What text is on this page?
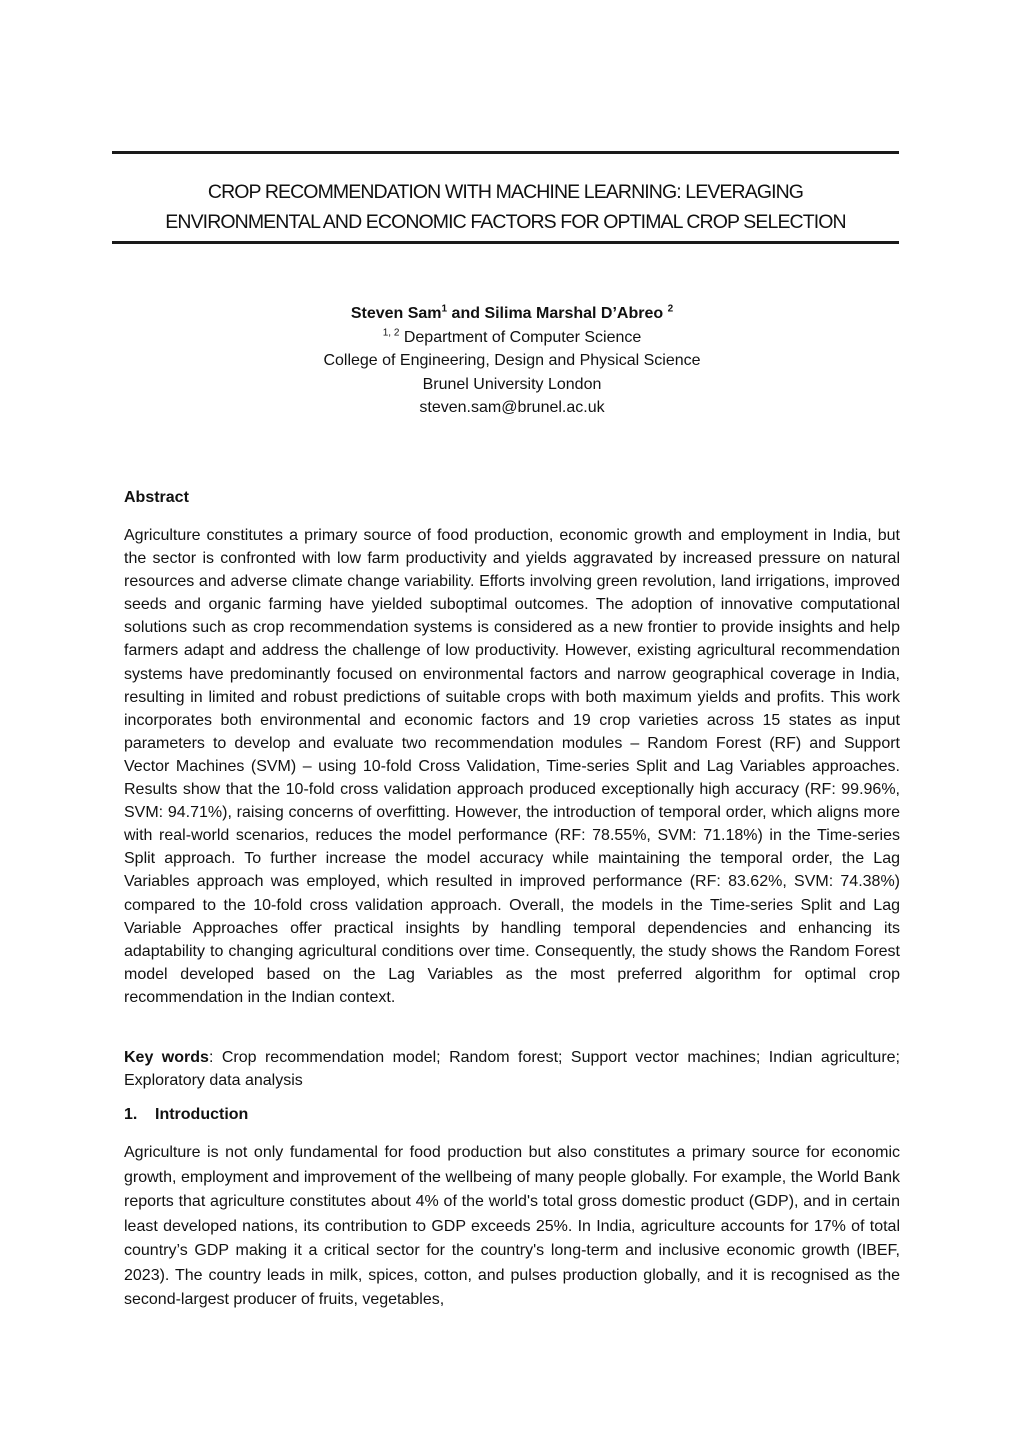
CROP RECOMMENDATION WITH MACHINE LEARNING: LEVERAGING
ENVIRONMENTAL AND ECONOMIC FACTORS FOR OPTIMAL CROP SELECTION
Steven Sam$^1$ and Silima Marshal D’Abreo $^2$
$^{1, 2}$ Department of Computer Science
College of Engineering, Design and Physical Science
Brunel University London
steven.sam@brunel.ac.uk
Abstract

Agriculture constitutes a primary source of food production, economic growth and employment in India, but the sector is confronted with low farm productivity and yields aggravated by increased pressure on natural resources and adverse climate change variability. Efforts involving green revolution, land irrigations, improved seeds and organic farming have yielded suboptimal outcomes. The adoption of innovative computational solutions such as crop recommendation systems is considered as a new frontier to provide insights and help farmers adapt and address the challenge of low productivity. However, existing agricultural recommendation systems have predominantly focused on environmental factors and narrow geographical coverage in India, resulting in limited and robust predictions of suitable crops with both maximum yields and profits. This work incorporates both environmental and economic factors and 19 crop varieties across 15 states as input parameters to develop and evaluate two recommendation modules – Random Forest (RF) and Support Vector Machines (SVM) – using 10-fold Cross Validation, Time-series Split and Lag Variables approaches. Results show that the 10-fold cross validation approach produced exceptionally high accuracy (RF: 99.96%, SVM: 94.71%), raising concerns of overfitting. However, the introduction of temporal order, which aligns more with real-world scenarios, reduces the model performance (RF: 78.55%, SVM: 71.18%) in the Time-series Split approach. To further increase the model accuracy while maintaining the temporal order, the Lag Variables approach was employed, which resulted in improved performance (RF: 83.62%, SVM: 74.38%) compared to the 10-fold cross validation approach. Overall, the models in the Time-series Split and Lag Variable Approaches offer practical insights by handling temporal dependencies and enhancing its adaptability to changing agricultural conditions over time. Consequently, the study shows the Random Forest model developed based on the Lag Variables as the most preferred algorithm for optimal crop recommendation in the Indian context.

Key words: Crop recommendation model; Random forest; Support vector machines; Indian agriculture; Exploratory data analysis

1. Introduction

Agriculture is not only fundamental for food production but also constitutes a primary source for economic growth, employment and improvement of the wellbeing of many people globally. For example, the World Bank reports that agriculture constitutes about 4% of the world's total gross domestic product (GDP), and in certain least developed nations, its contribution to GDP exceeds 25%. In India, agriculture accounts for 17% of total country’s GDP making it a critical sector for the country's long-term and inclusive economic growth (IBEF, 2023). The country leads in milk, spices, cotton, and pulses production globally, and it is recognised as the second-largest producer of fruits, vegetables,
